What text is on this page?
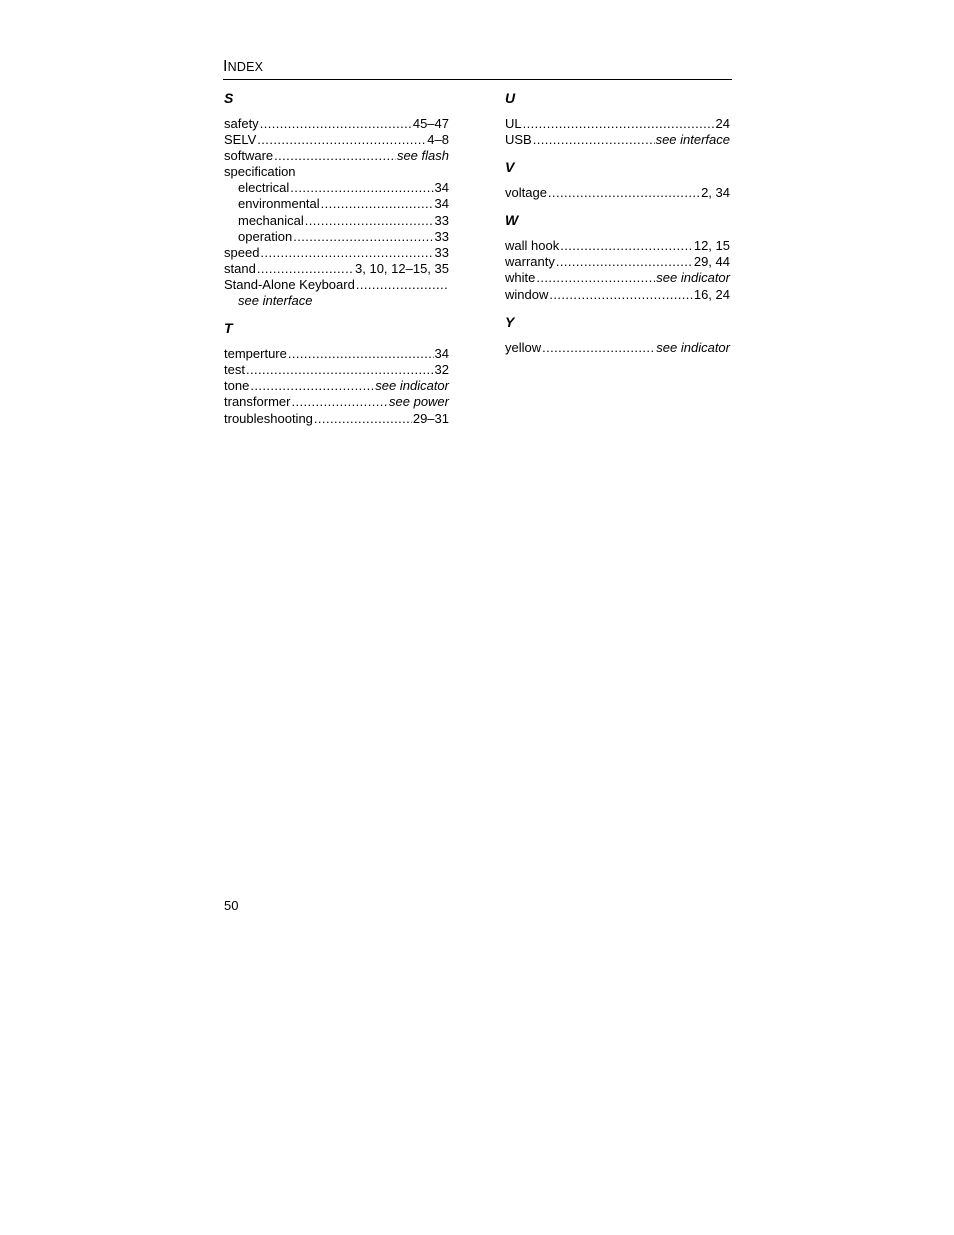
INDEX
S
safety .....	45–47
SELV .....	4–8
software .....	see flash
specification
electrical .....	34
environmental .....	34
mechanical .....	33
operation .....	33
speed .....	33
stand .....	3, 10, 12–15, 35
Stand-Alone Keyboard
.....
see interface
T
temperture .....	34
test .....	32
tone .....	see indicator
transformer .....	see power
troubleshooting .....	29–31
U
UL .....	24
USB .....	see interface
V
voltage .....	2, 34
W
wall hook .....	12, 15
warranty .....	29, 44
white .....	see indicator
window .....	16, 24
Y
yellow .....	see indicator
50
